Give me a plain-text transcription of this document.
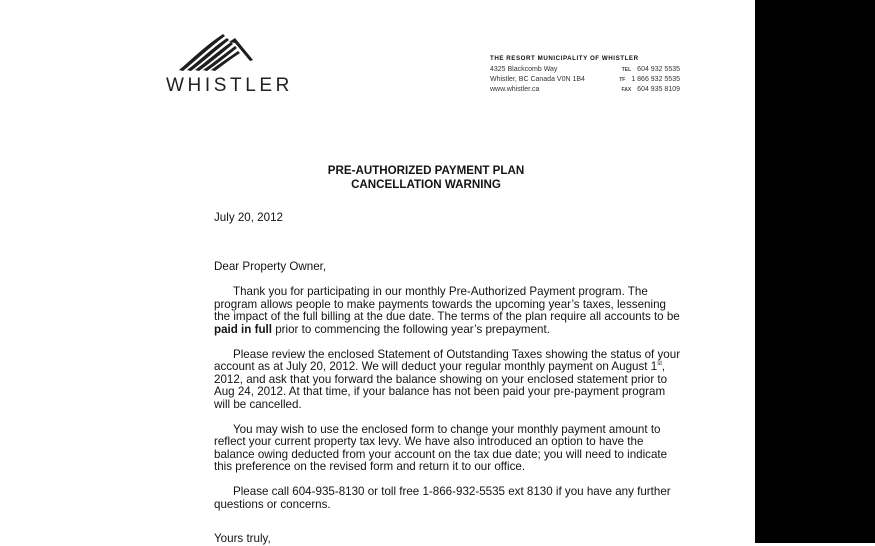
WHISTLER
THE RESORT MUNICIPALITY OF WHISTLER
4325 Blackcomb Way	TEL 604 932 5535
Whistler, BC Canada V0N 1B4	TF 1 866 932 5535
www.whistler.ca	FAX 604 935 8109
PRE-AUTHORIZED PAYMENT PLAN
CANCELLATION WARNING

July 20, 2012

Dear Property Owner,

Thank you for participating in our monthly Pre-Authorized Payment program. The program allows people to make payments towards the upcoming year’s taxes, lessening the impact of the full billing at the due date. The terms of the plan require all accounts to be paid in full prior to commencing the following year’s prepayment.

Please review the enclosed Statement of Outstanding Taxes showing the status of your account as at July 20, 2012. We will deduct your regular monthly payment on August 1st, 2012, and ask that you forward the balance showing on your enclosed statement prior to Aug 24, 2012. At that time, if your balance has not been paid your pre-payment program will be cancelled.

You may wish to use the enclosed form to change your monthly payment amount to reflect your current property tax levy. We have also introduced an option to have the balance owing deducted from your account on the tax due date; you will need to indicate this preference on the revised form and return it to our office.

Please call 604-935-8130 or toll free 1-866-932-5535 ext 8130 if you have any further questions or concerns.

Yours truly,
